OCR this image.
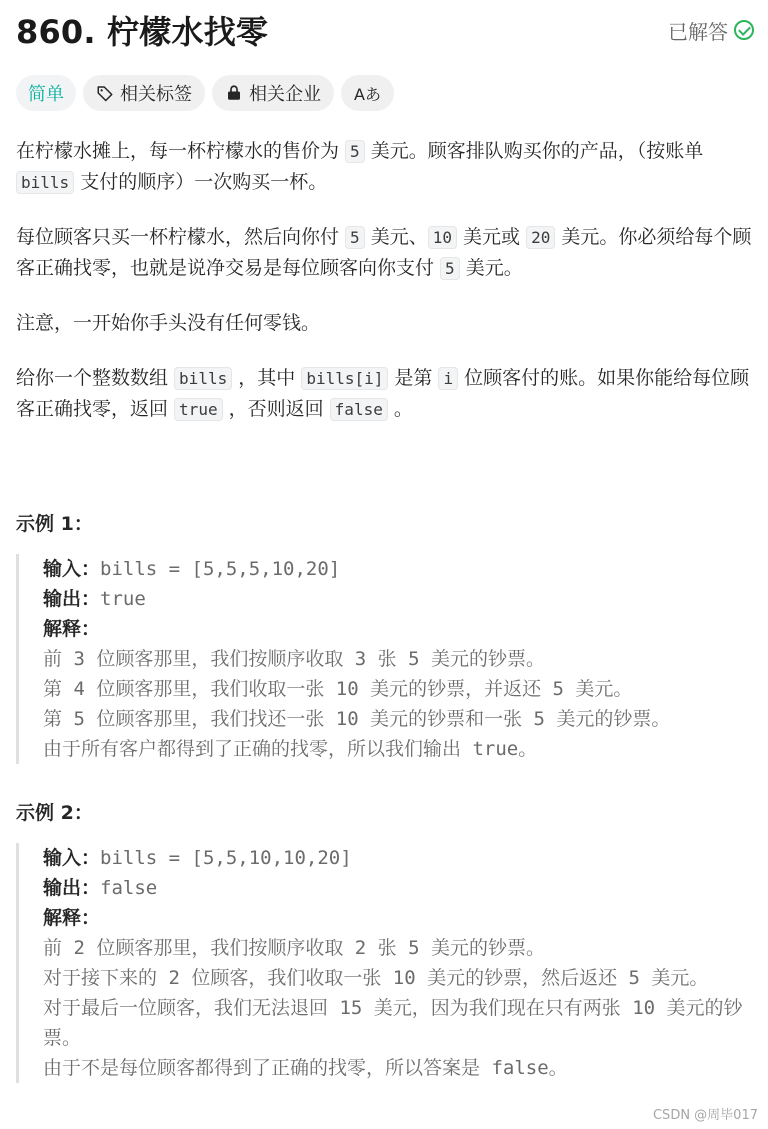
860. 柠檬水找零	已解答
简单	相关标签	相关企业 Aあ

在柠檬水摊上，每一杯柠檬水的售价为 5 美元。顾客排队购买你的产品，（按账单 bills 支付的顺序）一次购买一杯。

每位顾客只买一杯柠檬水，然后向你付 5 美元、 10 美元或 20 美元。你必须给每个顾客正确找零，也就是说净交易是每位顾客向你支付 5 美元。

注意，一开始你手头没有任何零钱。

给你一个整数数组 bills ，其中 bills[i] 是第 i 位顾客付的账。如果你能给每位顾客正确找零，返回 true ，否则返回 false 。

示例 1：

输入：bills = [5,5,5,10,20]
输出：true
解释：
前 3 位顾客那里，我们按顺序收取 3 张 5 美元的钞票。
第 4 位顾客那里，我们收取一张 10 美元的钞票，并返还 5 美元。
第 5 位顾客那里，我们找还一张 10 美元的钞票和一张 5 美元的钞票。
由于所有客户都得到了正确的找零，所以我们输出 true。

示例 2：

输入：bills = [5,5,10,10,20]
输出：false
解释：
前 2 位顾客那里，我们按顺序收取 2 张 5 美元的钞票。
对于接下来的 2 位顾客，我们收取一张 10 美元的钞票，然后返还 5 美元。
对于最后一位顾客，我们无法退回 15 美元，因为我们现在只有两张 10 美元的钞票。
由于不是每位顾客都得到了正确的找零，所以答案是 false。
CSDN @周毕017
